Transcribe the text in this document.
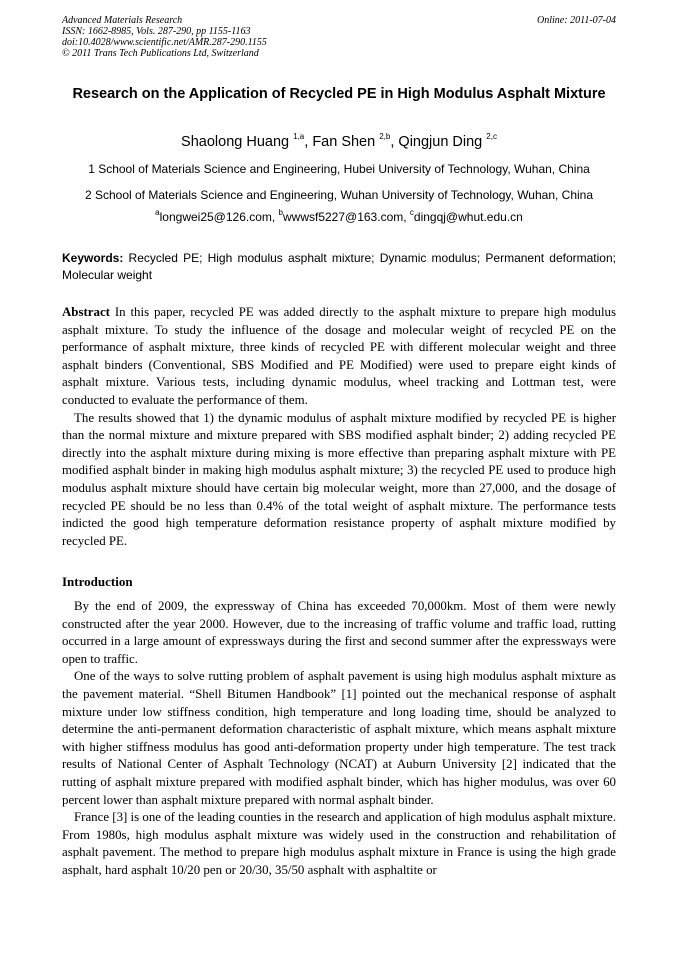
Advanced Materials Research
ISSN: 1662-8985, Vols. 287-290, pp 1155-1163
doi:10.4028/www.scientific.net/AMR.287-290.1155
© 2011 Trans Tech Publications Ltd, Switzerland
Online: 2011-07-04
Research on the Application of Recycled PE in High Modulus Asphalt Mixture
Shaolong Huang $^{1,a}$, Fan Shen $^{2,b}$, Qingjun Ding $^{2,c}$
1 School of Materials Science and Engineering, Hubei University of Technology, Wuhan, China
2 School of Materials Science and Engineering, Wuhan University of Technology, Wuhan, China
$^a$longwei25@126.com, $^b$wwwsf5227@163.com, $^c$dingqj@whut.edu.cn
Keywords: Recycled PE; High modulus asphalt mixture; Dynamic modulus; Permanent deformation; Molecular weight

Abstract In this paper, recycled PE was added directly to the asphalt mixture to prepare high modulus asphalt mixture. To study the influence of the dosage and molecular weight of recycled PE on the performance of asphalt mixture, three kinds of recycled PE with different molecular weight and three asphalt binders (Conventional, SBS Modified and PE Modified) were used to prepare eight kinds of asphalt mixture. Various tests, including dynamic modulus, wheel tracking and Lottman test, were conducted to evaluate the performance of them.

The results showed that 1) the dynamic modulus of asphalt mixture modified by recycled PE is higher than the normal mixture and mixture prepared with SBS modified asphalt binder; 2) adding recycled PE directly into the asphalt mixture during mixing is more effective than preparing asphalt mixture with PE modified asphalt binder in making high modulus asphalt mixture; 3) the recycled PE used to produce high modulus asphalt mixture should have certain big molecular weight, more than 27,000, and the dosage of recycled PE should be no less than 0.4% of the total weight of asphalt mixture. The performance tests indicted the good high temperature deformation resistance property of asphalt mixture modified by recycled PE.

Introduction

By the end of 2009, the expressway of China has exceeded 70,000km. Most of them were newly constructed after the year 2000. However, due to the increasing of traffic volume and traffic load, rutting occurred in a large amount of expressways during the first and second summer after the expressways were open to traffic.

One of the ways to solve rutting problem of asphalt pavement is using high modulus asphalt mixture as the pavement material. “Shell Bitumen Handbook” [1] pointed out the mechanical response of asphalt mixture under low stiffness condition, high temperature and long loading time, should be analyzed to determine the anti-permanent deformation characteristic of asphalt mixture, which means asphalt mixture with higher stiffness modulus has good anti-deformation property under high temperature. The test track results of National Center of Asphalt Technology (NCAT) at Auburn University [2] indicated that the rutting of asphalt mixture prepared with modified asphalt binder, which has higher modulus, was over 60 percent lower than asphalt mixture prepared with normal asphalt binder.

France [3] is one of the leading counties in the research and application of high modulus asphalt mixture. From 1980s, high modulus asphalt mixture was widely used in the construction and rehabilitation of asphalt pavement. The method to prepare high modulus asphalt mixture in France is using the high grade asphalt, hard asphalt 10/20 pen or 20/30, 35/50 asphalt with asphaltite or
